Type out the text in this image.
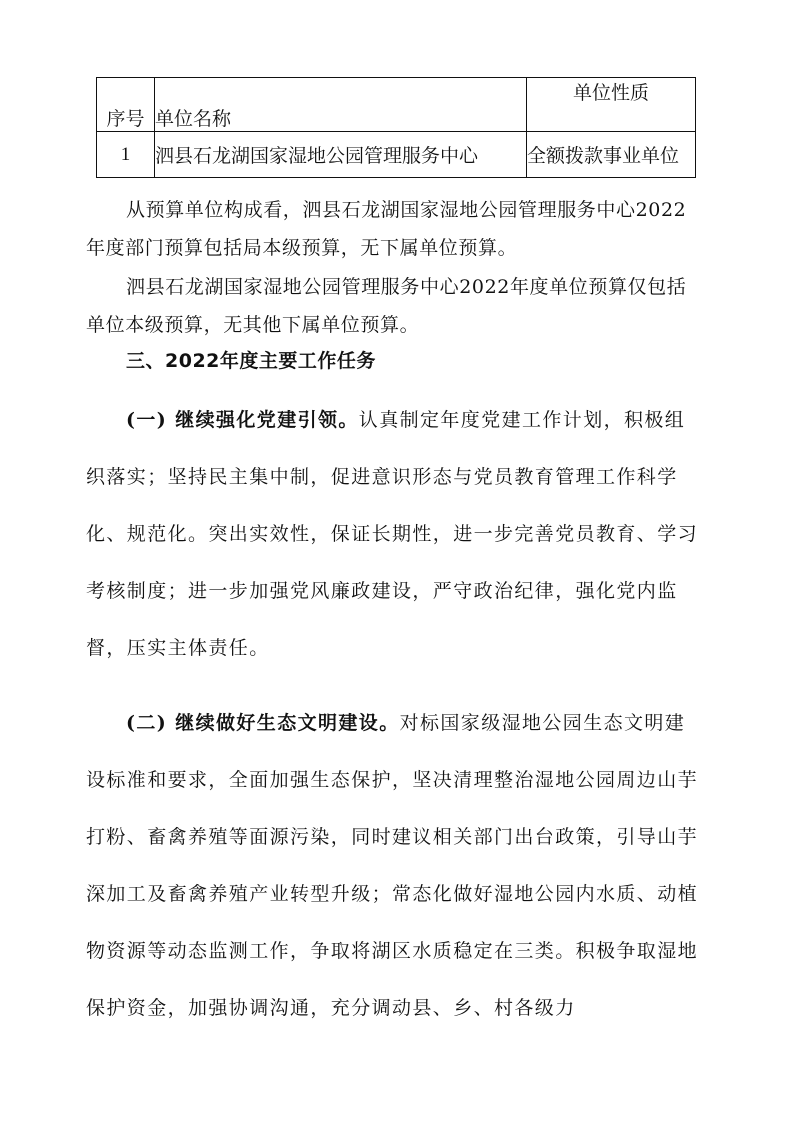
序号	单位名称	单位性质
1	泗县石龙湖国家湿地公园管理服务中心	全额拨款事业单位

从预算单位构成看，泗县石龙湖国家湿地公园管理服务中心2022 年度部门预算包括局本级预算，无下属单位预算。

泗县石龙湖国家湿地公园管理服务中心2022年度单位预算仅包括单位本级预算，无其他下属单位预算。

三、2022年度主要工作任务

(一) 继续强化党建引领。认真制定年度党建工作计划，积极组织落实；坚持民主集中制，促进意识形态与党员教育管理工作科学化、规范化。突出实效性，保证长期性，进一步完善党员教育、学习考核制度；进一步加强党风廉政建设，严守政治纪律，强化党内监督，压实主体责任。

(二) 继续做好生态文明建设。对标国家级湿地公园生态文明建设标准和要求，全面加强生态保护，坚决清理整治湿地公园周边山芋打粉、畜禽养殖等面源污染，同时建议相关部门出台政策，引导山芋深加工及畜禽养殖产业转型升级；常态化做好湿地公园内水质、动植物资源等动态监测工作，争取将湖区水质稳定在三类。积极争取湿地保护资金，加强协调沟通，充分调动县、乡、村各级力
